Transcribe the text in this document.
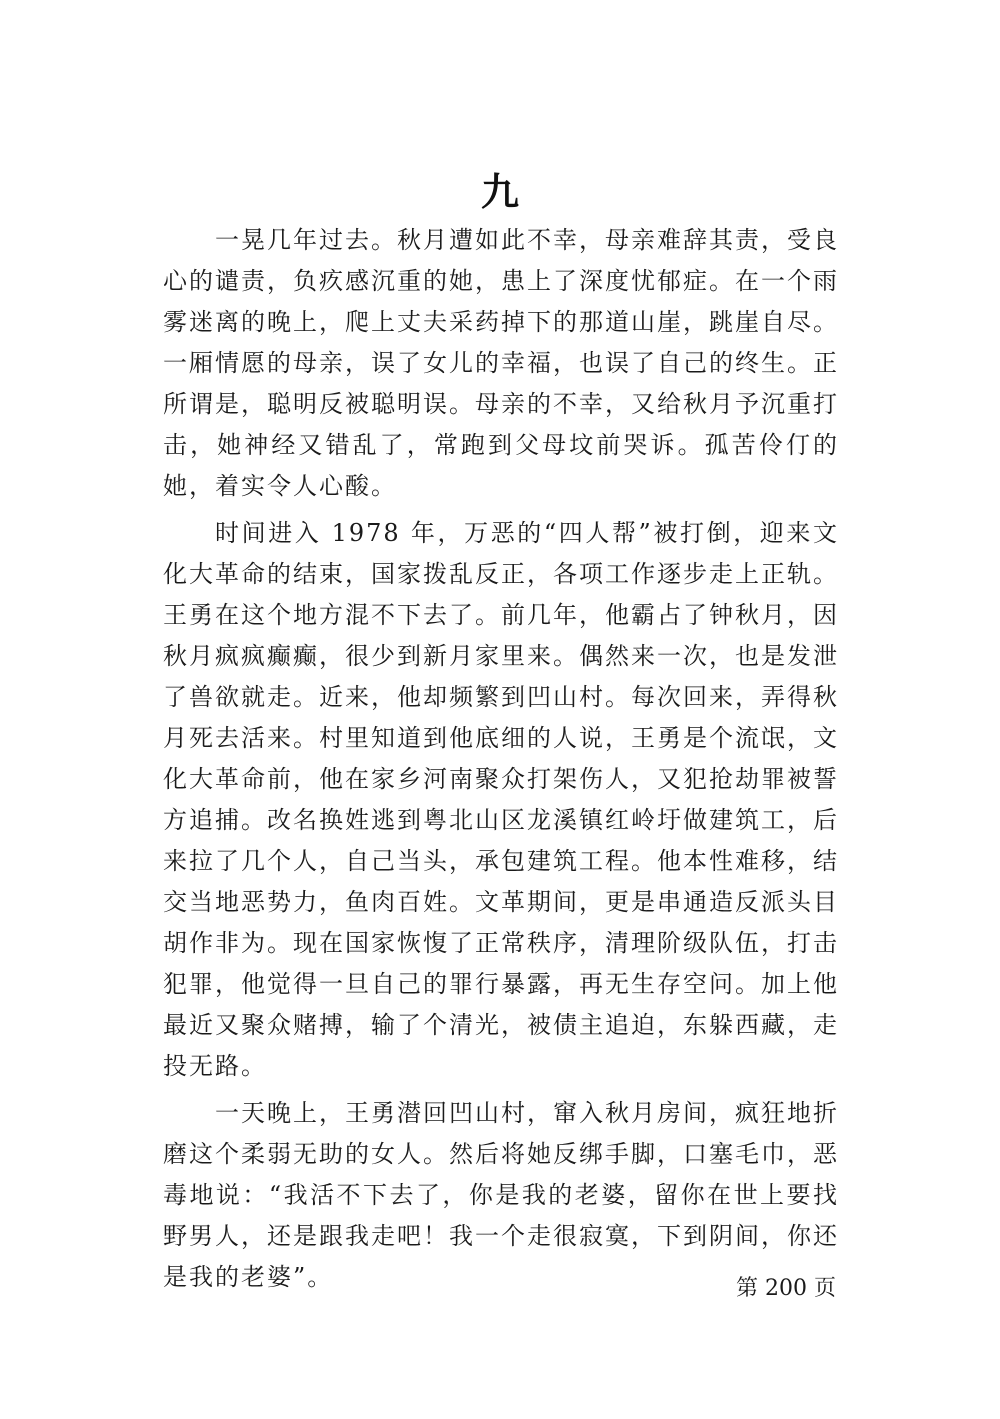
九

一晃几年过去。秋月遭如此不幸，母亲难辞其责，受良心的谴责，负疚感沉重的她，患上了深度忧郁症。在一个雨雾迷离的晚上，爬上丈夫采药掉下的那道山崖，跳崖自尽。一厢情愿的母亲，误了女儿的幸福，也误了自己的终生。正所谓是，聪明反被聪明误。母亲的不幸，又给秋月予沉重打击，她神经又错乱了，常跑到父母坟前哭诉。孤苦伶仃的她，着实令人心酸。

时间进入 1978 年，万恶的“四人帮”被打倒，迎来文化大革命的结束，国家拨乱反正，各项工作逐步走上正轨。王勇在这个地方混不下去了。前几年，他霸占了钟秋月，因秋月疯疯癫癫，很少到新月家里来。偶然来一次，也是发泄了兽欲就走。近来，他却频繁到凹山村。每次回来，弄得秋月死去活来。村里知道到他底细的人说，王勇是个流氓，文化大革命前，他在家乡河南聚众打架伤人，又犯抢劫罪被誓方追捕。改名换姓逃到粤北山区龙溪镇红岭圩做建筑工，后来拉了几个人，自己当头，承包建筑工程。他本性难移，结交当地恶势力，鱼肉百姓。文革期间，更是串通造反派头目胡作非为。现在国家恢愎了正常秩序，清理阶级队伍，打击犯罪，他觉得一旦自己的罪行暴露，再无生存空问。加上他最近又聚众赌搏，输了个清光，被债主追迫，东躲西藏，走投无路。

一天晚上，王勇潜回凹山村，窜入秋月房间，疯狂地折磨这个柔弱无助的女人。然后将她反绑手脚，口塞毛巾，恶毒地说：“我活不下去了，你是我的老婆，留你在世上要找野男人，还是跟我走吧！我一个走很寂寞，下到阴间，你还是我的老婆”。	第 200 页
